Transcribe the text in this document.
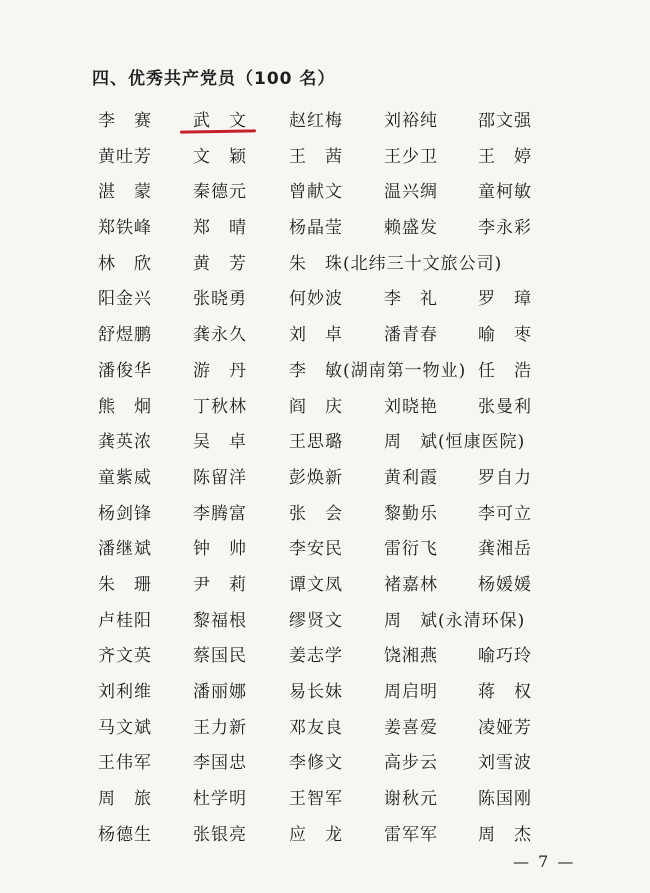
四、优秀共产党员（100 名）
李　赛 武　文 赵红梅 刘裕纯 邵文强
黄吐芳 文　颖 王　茜 王少卫 王　婷
湛　蒙 秦德元 曾献文 温兴绸 童柯敏
郑铁峰 郑　晴 杨晶莹 赖盛发 李永彩
林　欣 黄　芳 朱　珠(北纬三十文旅公司)
阳金兴 张晓勇 何妙波 李　礼 罗　璋
舒煜鹏 龚永久 刘　卓 潘青春 喻　枣
潘俊华 游　丹 李　敏(湖南第一物业) 任　浩
熊　炯 丁秋林 阎　庆 刘晓艳 张曼利
龚英浓 吴　卓 王思璐 周　斌(恒康医院)
童紫威 陈留洋 彭焕新 黄利霞 罗自力
杨剑锋 李腾富 张　会 黎勤乐 李可立
潘继斌 钟　帅 李安民 雷衍飞 龚湘岳
朱　珊 尹　莉 谭文凤 褚嘉林 杨媛媛
卢桂阳 黎福根 缪贤文 周　斌(永清环保)
齐文英 蔡国民 姜志学 饶湘燕 喻巧玲
刘利维 潘丽娜 易长妹 周启明 蒋　权
马文斌 王力新 邓友良 姜喜爱 凌娅芳
王伟军 李国忠 李修文 高步云 刘雪波
周　旅 杜学明 王智军 谢秋元 陈国刚
杨德生 张银亮 应　龙 雷军军 周　杰
— 7 —
